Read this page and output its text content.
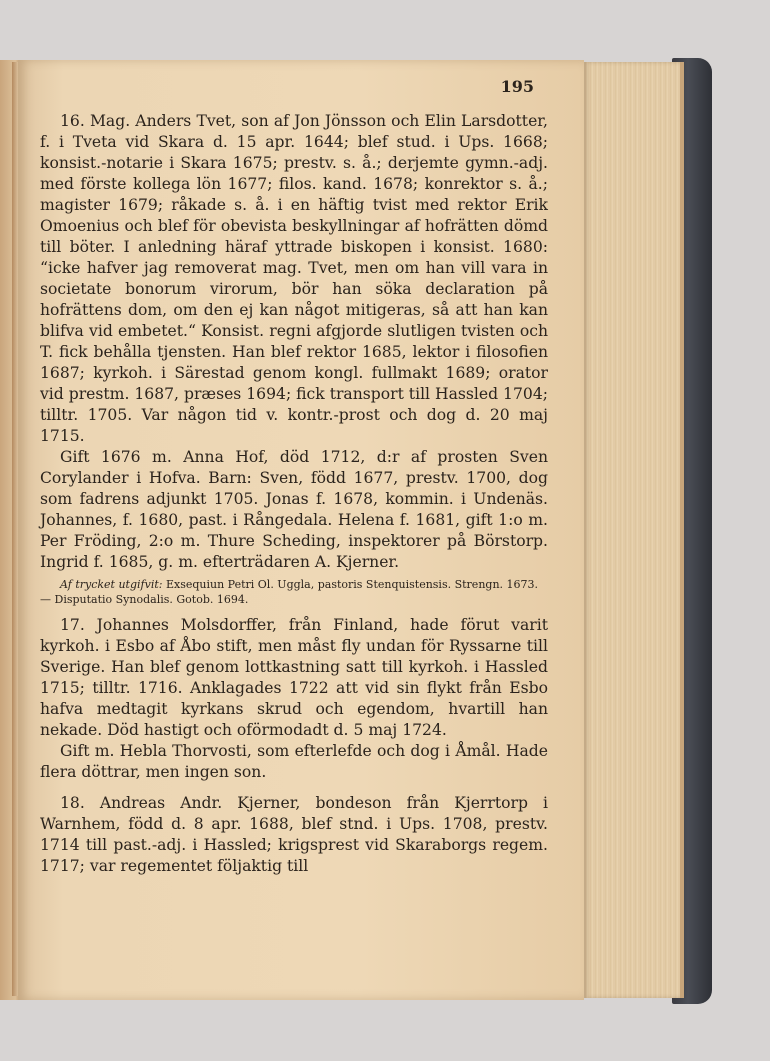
195

16. Mag. Anders Tvet, son af Jon Jönsson och Elin Larsdotter, f. i Tveta vid Skara d. 15 apr. 1644; blef stud. i Ups. 1668; konsist.-notarie i Skara 1675; prestv. s. å.; derjemte gymn.-adj. med förste kollega lön 1677; filos. kand. 1678; konrektor s. å.; magister 1679; råkade s. å. i en häftig tvist med rektor Erik Omoenius och blef för obevista beskyllningar af hofrätten dömd till böter. I anledning häraf yttrade biskopen i konsist. 1680: “icke hafver jag removerat mag. Tvet, men om han vill vara in societate bonorum virorum, bör han söka declaration på hofrättens dom, om den ej kan något mitigeras, så att han kan blifva vid embetet.“ Konsist. regni afgjorde slutligen tvisten och T. fick behålla tjensten. Han blef rektor 1685, lektor i filosofien 1687; kyrkoh. i Särestad genom kongl. fullmakt 1689; orator vid prestm. 1687, præses 1694; fick transport till Hassled 1704; tilltr. 1705. Var någon tid v. kontr.-prost och dog d. 20 maj 1715.

Gift 1676 m. Anna Hof, död 1712, d:r af prosten Sven Corylander i Hofva. Barn: Sven, född 1677, prestv. 1700, dog som fadrens adjunkt 1705. Jonas f. 1678, kommin. i Undenäs. Johannes, f. 1680, past. i Rångedala. Helena f. 1681, gift 1:o m. Per Fröding, 2:o m. Thure Scheding, inspektorer på Börstorp. Ingrid f. 1685, g. m. efterträdaren A. Kjerner.

Af trycket utgifvit: Exsequiun Petri Ol. Uggla, pastoris Stenquistensis. Strengn. 1673. — Disputatio Synodalis. Gotob. 1694.

17. Johannes Molsdorffer, från Finland, hade förut varit kyrkoh. i Esbo af Åbo stift, men måst fly undan för Ryssarne till Sverige. Han blef genom lottkastning satt till kyrkoh. i Hassled 1715; tilltr. 1716. Anklagades 1722 att vid sin flykt från Esbo hafva medtagit kyrkans skrud och egendom, hvartill han nekade. Död hastigt och oförmodadt d. 5 maj 1724.

Gift m. Hebla Thorvosti, som efterlefde och dog i Åmål. Hade flera döttrar, men ingen son.

18. Andreas Andr. Kjerner, bondeson från Kjerrtorp i Warnhem, född d. 8 apr. 1688, blef stnd. i Ups. 1708, prestv. 1714 till past.-adj. i Hassled; krigsprest vid Skaraborgs regem. 1717; var regementet följaktig till
